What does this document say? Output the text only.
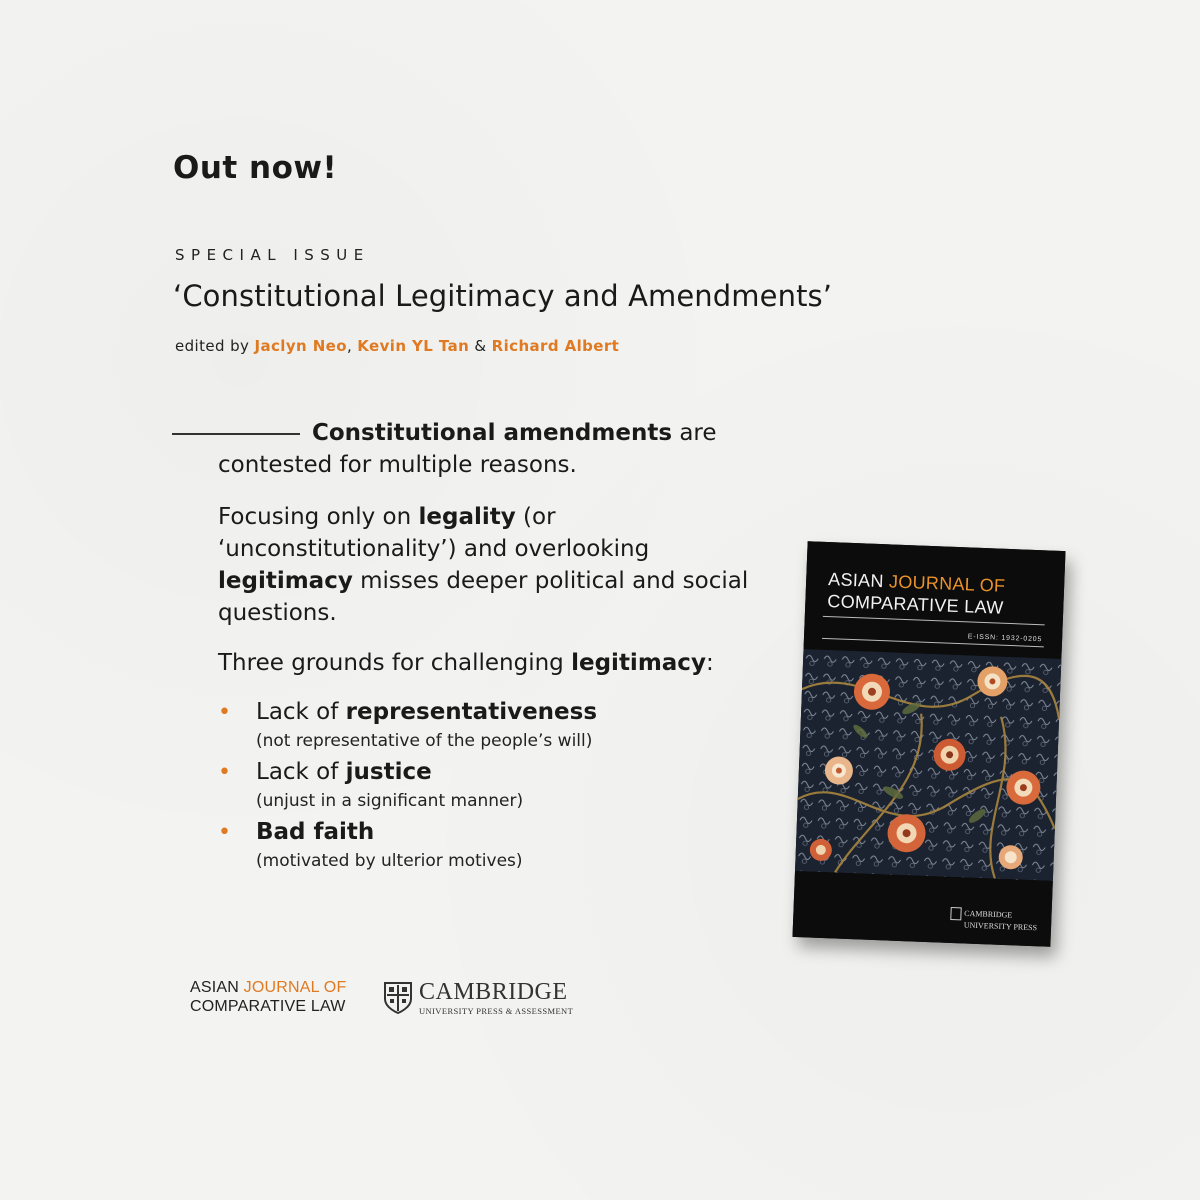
Out now!
SPECIAL ISSUE
‘Constitutional Legitimacy and Amendments’
edited by Jaclyn Neo, Kevin YL Tan & Richard Albert

Constitutional amendments are contested for multiple reasons.

Focusing only on legality (or ‘unconstitutionality’) and overlooking legitimacy misses deeper political and social questions.

Three grounds for challenging legitimacy:

• Lack of representativeness
(not representative of the people’s will)
• Lack of justice
(unjust in a significant manner)
• Bad faith
(motivated by ulterior motives)
ASIAN JOURNAL OF
COMPARATIVE LAW
E-ISSN: 1932-0205
CAMBRIDGE
UNIVERSITY PRESS
ASIAN JOURNAL OF
COMPARATIVE LAW
CAMBRIDGE
UNIVERSITY PRESS & ASSESSMENT
